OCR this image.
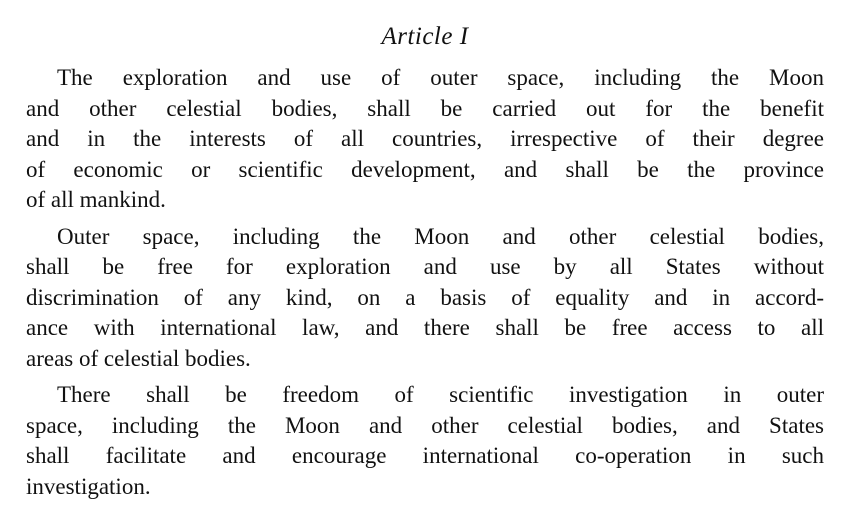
Article I
The exploration and use of outer space, including the Moon
and other celestial bodies, shall be carried out for the benefit
and in the interests of all countries, irrespective of their degree
of economic or scientific development, and shall be the province
of all mankind.
Outer space, including the Moon and other celestial bodies,
shall be free for exploration and use by all States without
discrimination of any kind, on a basis of equality and in accord-
ance with international law, and there shall be free access to all
areas of celestial bodies.
There shall be freedom of scientific investigation in outer
space, including the Moon and other celestial bodies, and States
shall facilitate and encourage international co-operation in such
investigation.
